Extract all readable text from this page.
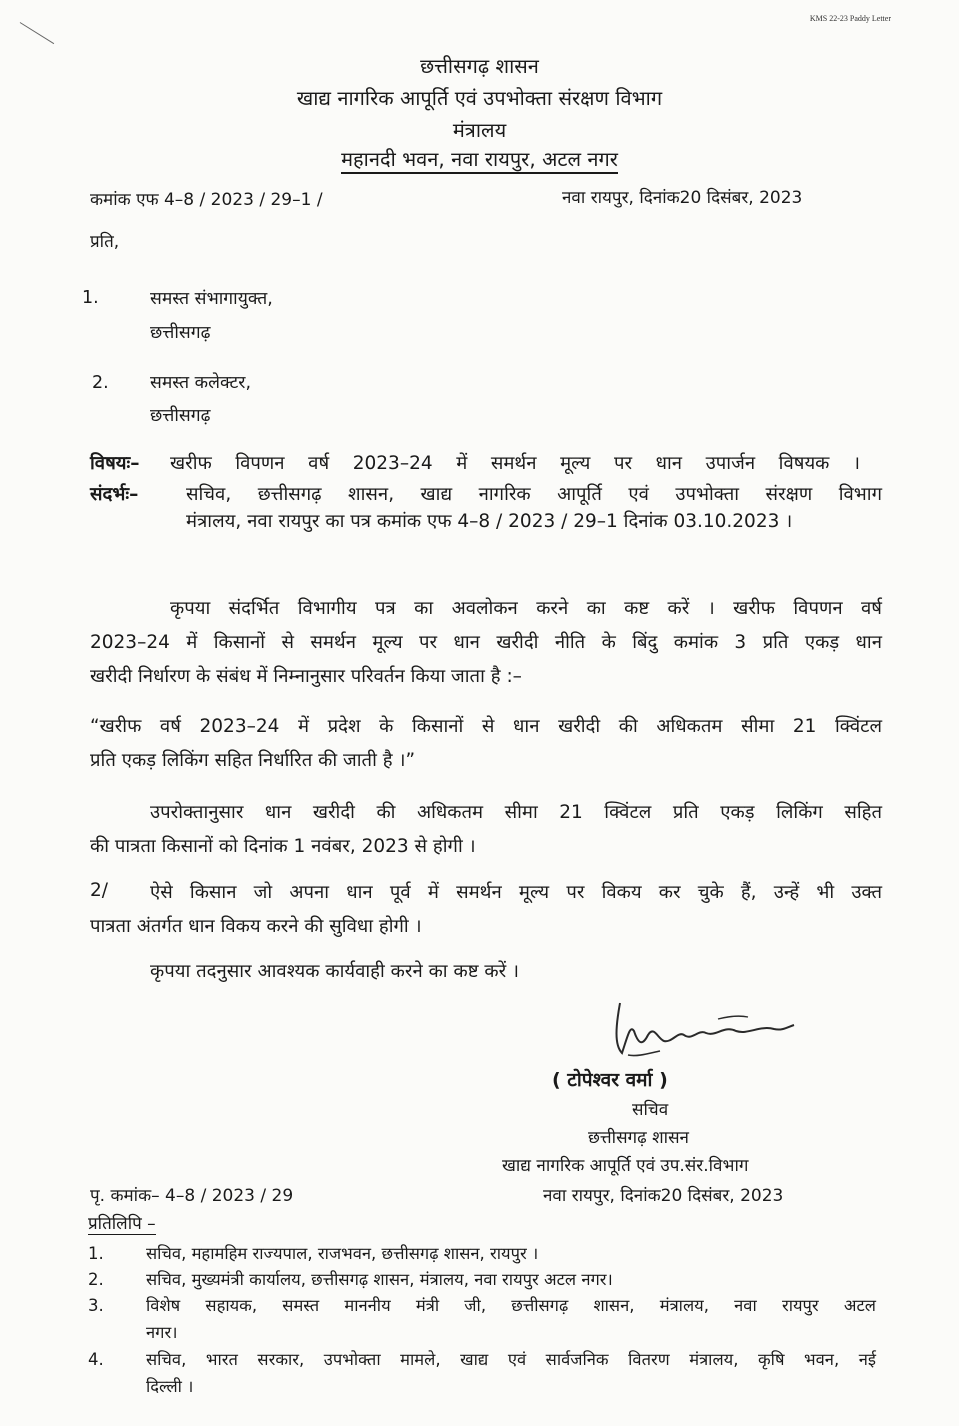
KMS 22-23 Paddy Letter
छत्तीसगढ़ शासन
खाद्य नागरिक आपूर्ति एवं उपभोक्ता संरक्षण विभाग
मंत्रालय
महानदी भवन, नवा रायपुर, अटल नगर
कमांक एफ 4–8 / 2023 / 29–1 /	नवा रायपुर, दिनांक20 दिसंबर, 2023
प्रति,
1.	समस्त संभागायुक्त,
छत्तीसगढ़
2. समस्त कलेक्टर,
छत्तीसगढ़
विषयः– खरीफ विपणन वर्ष 2023–24 में समर्थन मूल्य पर धान उपार्जन विषयक ।
संदर्भः–	सचिव, छत्तीसगढ़ शासन, खाद्य नागरिक आपूर्ति एवं उपभोक्ता संरक्षण विभाग
मंत्रालय, नवा रायपुर का पत्र कमांक एफ 4–8 / 2023 / 29–1 दिनांक 03.10.2023 ।
कृपया संदर्भित विभागीय पत्र का अवलोकन करने का कष्ट करें । खरीफ विपणन वर्ष
2023–24 में किसानों से समर्थन मूल्य पर धान खरीदी नीति के बिंदु कमांक 3 प्रति एकड़ धान
खरीदी निर्धारण के संबंध में निम्नानुसार परिवर्तन किया जाता है :–
“खरीफ वर्ष 2023–24 में प्रदेश के किसानों से धान खरीदी की अधिकतम सीमा 21 क्विंटल
प्रति एकड़ लिकिंग सहित निर्धारित की जाती है ।”
उपरोक्तानुसार धान खरीदी की अधिकतम सीमा 21 क्विंटल प्रति एकड़ लिकिंग सहित
की पात्रता किसानों को दिनांक 1 नवंबर, 2023 से होगी ।
2/	ऐसे किसान जो अपना धान पूर्व में समर्थन मूल्य पर विकय कर चुके हैं, उन्हें भी उक्त
पात्रता अंतर्गत धान विकय करने की सुविधा होगी ।
कृपया तदनुसार आवश्यक कार्यवाही करने का कष्ट करें ।
( टोपेश्वर वर्मा )
सचिव
छत्तीसगढ़ शासन
खाद्य नागरिक आपूर्ति एवं उप.संर.विभाग
पृ. कमांक– 4–8 / 2023 / 29	नवा रायपुर, दिनांक20 दिसंबर, 2023
प्रतिलिपि –
1.	सचिव, महामहिम राज्यपाल, राजभवन, छत्तीसगढ़ शासन, रायपुर ।
2.	सचिव, मुख्यमंत्री कार्यालय, छत्तीसगढ़ शासन, मंत्रालय, नवा रायपुर अटल नगर।
3.	विशेष सहायक, समस्त माननीय मंत्री जी, छत्तीसगढ़ शासन, मंत्रालय, नवा रायपुर अटल
नगर।
4.	सचिव, भारत सरकार, उपभोक्ता मामले, खाद्य एवं सार्वजनिक वितरण मंत्रालय, कृषि भवन, नई
दिल्ली ।
